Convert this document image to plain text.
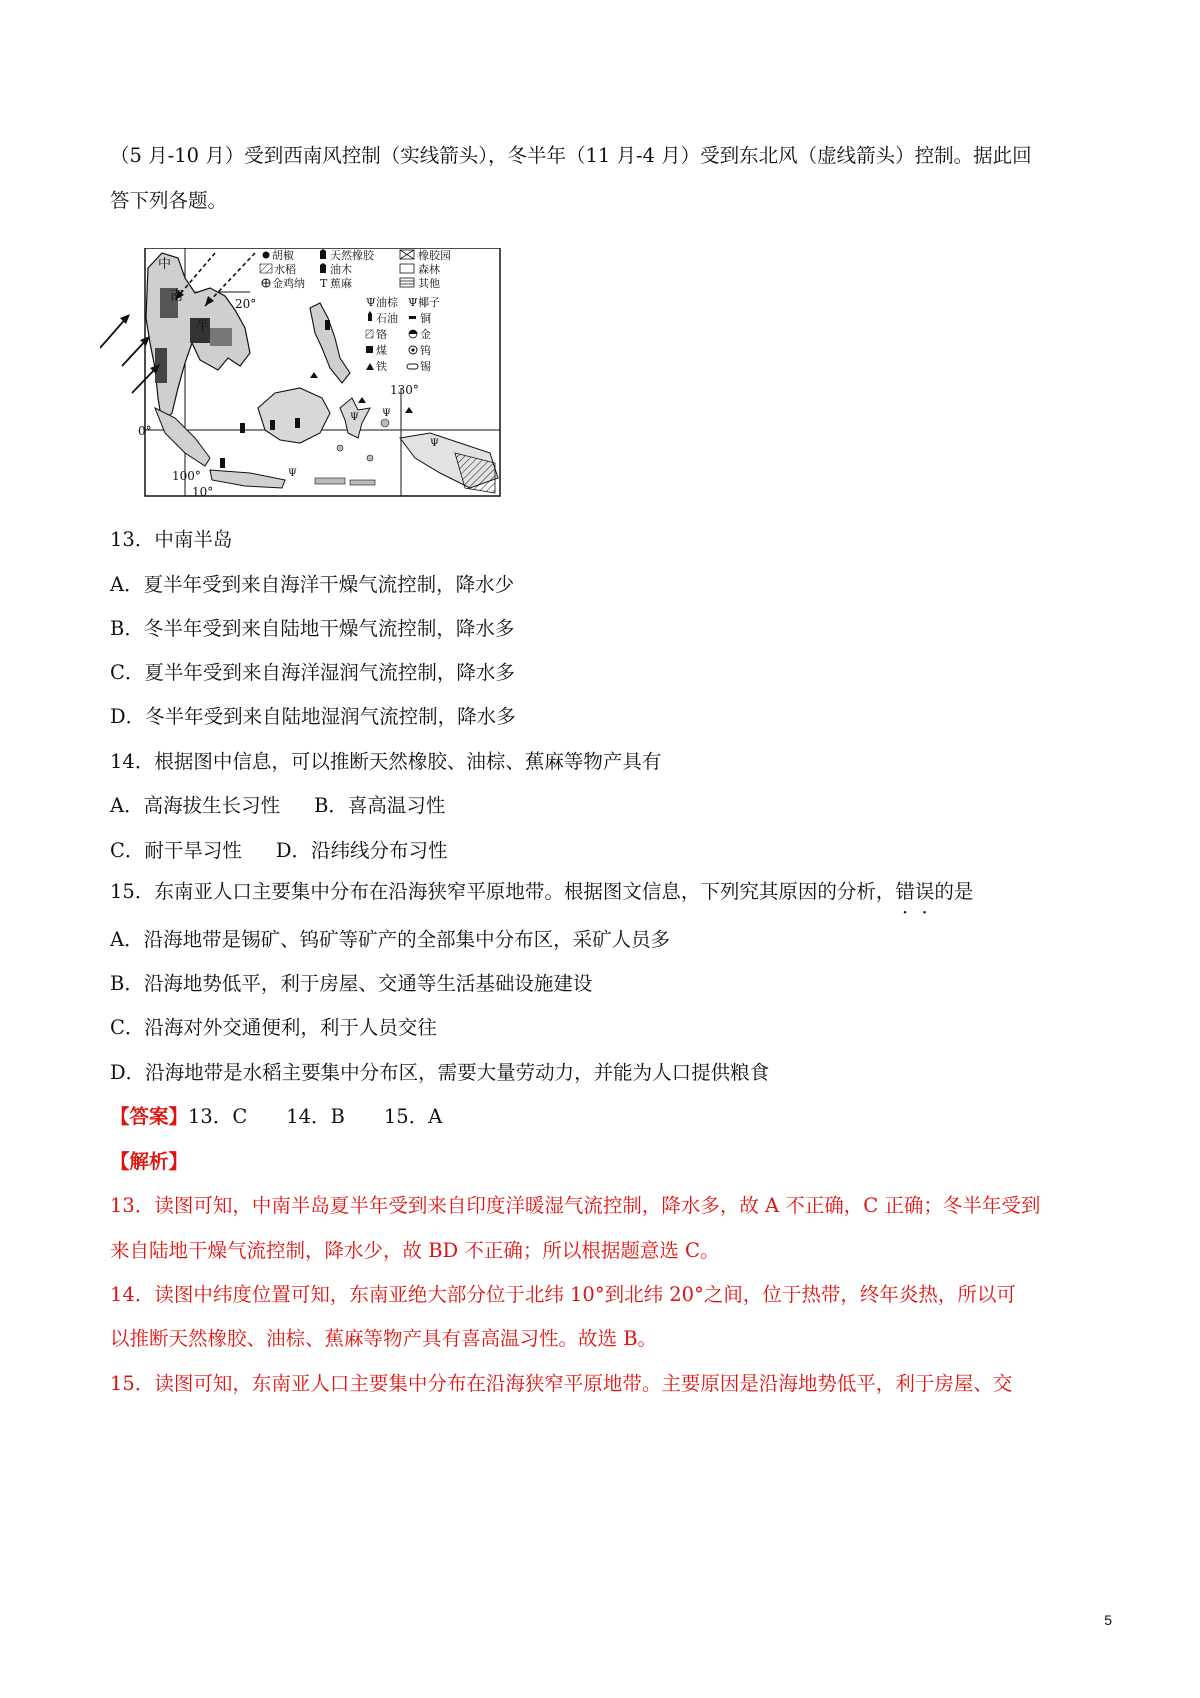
（5 月-10 月）受到西南风控制（实线箭头），冬半年（11 月-4 月）受到东北风（虚线箭头）控制。据此回
答下列各题。
Ψ Ψ
Ψ
Ψ
中
南
半
20°
130°
0°
100°
10°
胡椒	天然橡胶	橡胶园
水稻	油木	森林
金鸡纳 T 蕉麻	其他
Ψ 油棕 Ψ 椰子
石油 铜
铬	金
煤	钨
铁	锡
13．中南半岛
A．夏半年受到来自海洋干燥气流控制，降水少
B．冬半年受到来自陆地干燥气流控制，降水多
C．夏半年受到来自海洋湿润气流控制，降水多
D．冬半年受到来自陆地湿润气流控制，降水多
14．根据图中信息，可以推断天然橡胶、油棕、蕉麻等物产具有
A．高海拔生长习性 B．喜高温习性
C．耐干旱习性 D．沿纬线分布习性
15．东南亚人口主要集中分布在沿海狭窄平原地带。根据图文信息，下列究其原因的分析，错误的是
A．沿海地带是锡矿、钨矿等矿产的全部集中分布区，采矿人员多
B．沿海地势低平，利于房屋、交通等生活基础设施建设
C．沿海对外交通便利，利于人员交往
D．沿海地带是水稻主要集中分布区，需要大量劳动力，并能为人口提供粮食
【答案】13．C　　14．B　　15．A
【解析】
13．读图可知，中南半岛夏半年受到来自印度洋暖湿气流控制，降水多，故 A 不正确，C 正确；冬半年受到
来自陆地干燥气流控制，降水少，故 BD 不正确；所以根据题意选 C。
14．读图中纬度位置可知，东南亚绝大部分位于北纬 10°到北纬 20°之间，位于热带，终年炎热，所以可
以推断天然橡胶、油棕、蕉麻等物产具有喜高温习性。故选 B。
15．读图可知，东南亚人口主要集中分布在沿海狭窄平原地带。主要原因是沿海地势低平，利于房屋、交
5
